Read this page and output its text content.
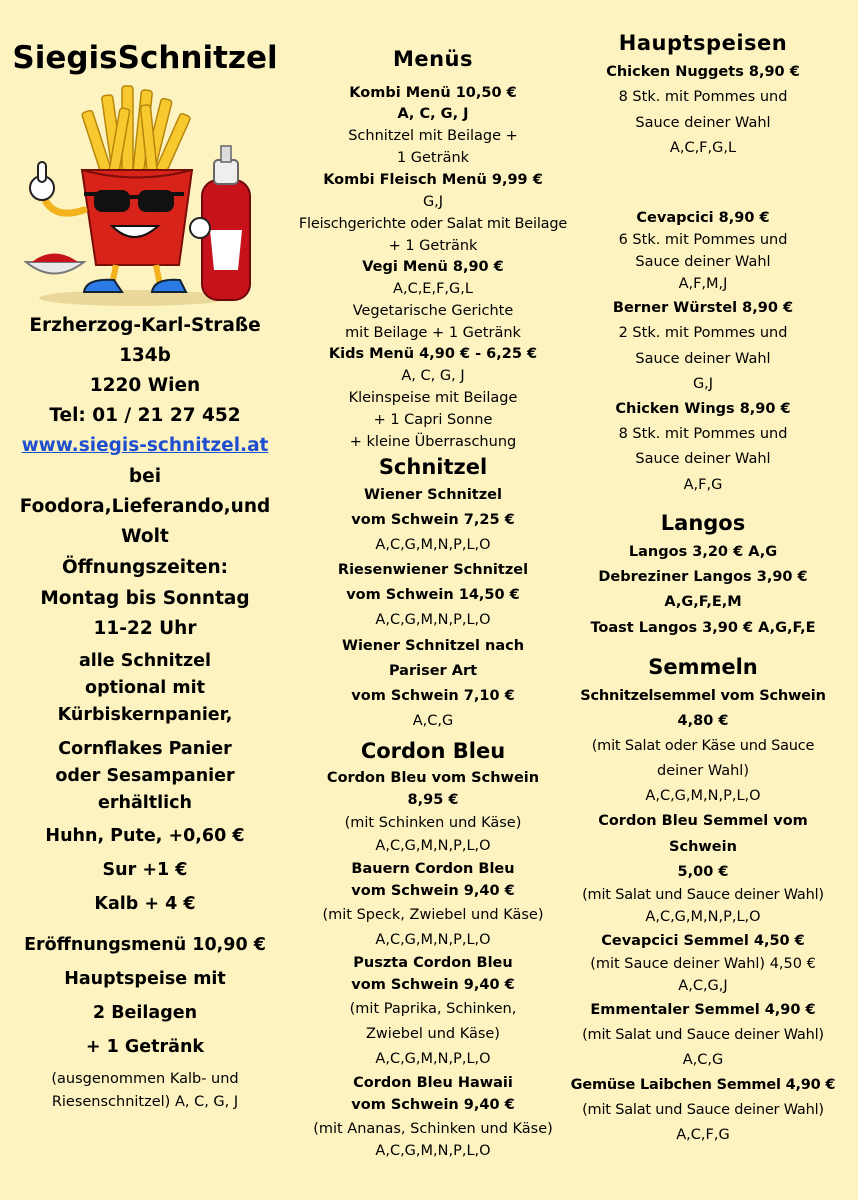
SiegisSchnitzel
Erzherzog-Karl-Straße
134b
1220 Wien
Tel: 01 / 21 27 452
www.siegis-schnitzel.at
bei
Foodora,Lieferando,und
Wolt
Öffnungszeiten:
Montag bis Sonntag
11-22 Uhr
alle Schnitzel
optional mit
Kürbiskernpanier,
Cornflakes Panier
oder Sesampanier
erhältlich
Huhn, Pute, +0,60 €
Sur +1 €
Kalb + 4 €
Eröffnungsmenü 10,90 €
Hauptspeise mit
2 Beilagen
+ 1 Getränk
(ausgenommen Kalb- und
Riesenschnitzel) A, C, G, J
Menüs
Kombi Menü 10,50 €
A, C, G, J
Schnitzel mit Beilage +
1 Getränk
Kombi Fleisch Menü 9,99 €
G,J
Fleischgerichte oder Salat mit Beilage
+ 1 Getränk
Vegi Menü 8,90 €
A,C,E,F,G,L
Vegetarische Gerichte
mit Beilage + 1 Getränk
Kids Menü 4,90 € - 6,25 €
A, C, G, J
Kleinspeise mit Beilage
+ 1 Capri Sonne
+ kleine Überraschung
Schnitzel
Wiener Schnitzel
vom Schwein 7,25 €
A,C,G,M,N,P,L,O
Riesenwiener Schnitzel
vom Schwein 14,50 €
A,C,G,M,N,P,L,O
Wiener Schnitzel nach
Pariser Art
vom Schwein 7,10 €
A,C,G
Cordon Bleu
Cordon Bleu vom Schwein
8,95 €
(mit Schinken und Käse)
A,C,G,M,N,P,L,O
Bauern Cordon Bleu
vom Schwein 9,40 €
(mit Speck, Zwiebel und Käse)
A,C,G,M,N,P,L,O
Puszta Cordon Bleu
vom Schwein 9,40 €
(mit Paprika, Schinken,
Zwiebel und Käse)
A,C,G,M,N,P,L,O
Cordon Bleu Hawaii
vom Schwein 9,40 €
(mit Ananas, Schinken und Käse)
A,C,G,M,N,P,L,O
Hauptspeisen
Chicken Nuggets 8,90 €
8 Stk. mit Pommes und
Sauce deiner Wahl
A,C,F,G,L
Cevapcici 8,90 €
6 Stk. mit Pommes und
Sauce deiner Wahl
A,F,M,J
Berner Würstel 8,90 €
2 Stk. mit Pommes und
Sauce deiner Wahl
G,J
Chicken Wings 8,90 €
8 Stk. mit Pommes und
Sauce deiner Wahl
A,F,G
Langos
Langos 3,20 € A,G
Debreziner Langos 3,90 €
A,G,F,E,M
Toast Langos 3,90 € A,G,F,E
Semmeln
Schnitzelsemmel vom Schwein
4,80 €
(mit Salat oder Käse und Sauce
deiner Wahl)
A,C,G,M,N,P,L,O
Cordon Bleu Semmel vom
Schwein
5,00 €
(mit Salat und Sauce deiner Wahl)
A,C,G,M,N,P,L,O
Cevapcici Semmel 4,50 €
(mit Sauce deiner Wahl) 4,50 €
A,C,G,J
Emmentaler Semmel 4,90 €
(mit Salat und Sauce deiner Wahl)
A,C,G
Gemüse Laibchen Semmel 4,90 €
(mit Salat und Sauce deiner Wahl)
A,C,F,G
